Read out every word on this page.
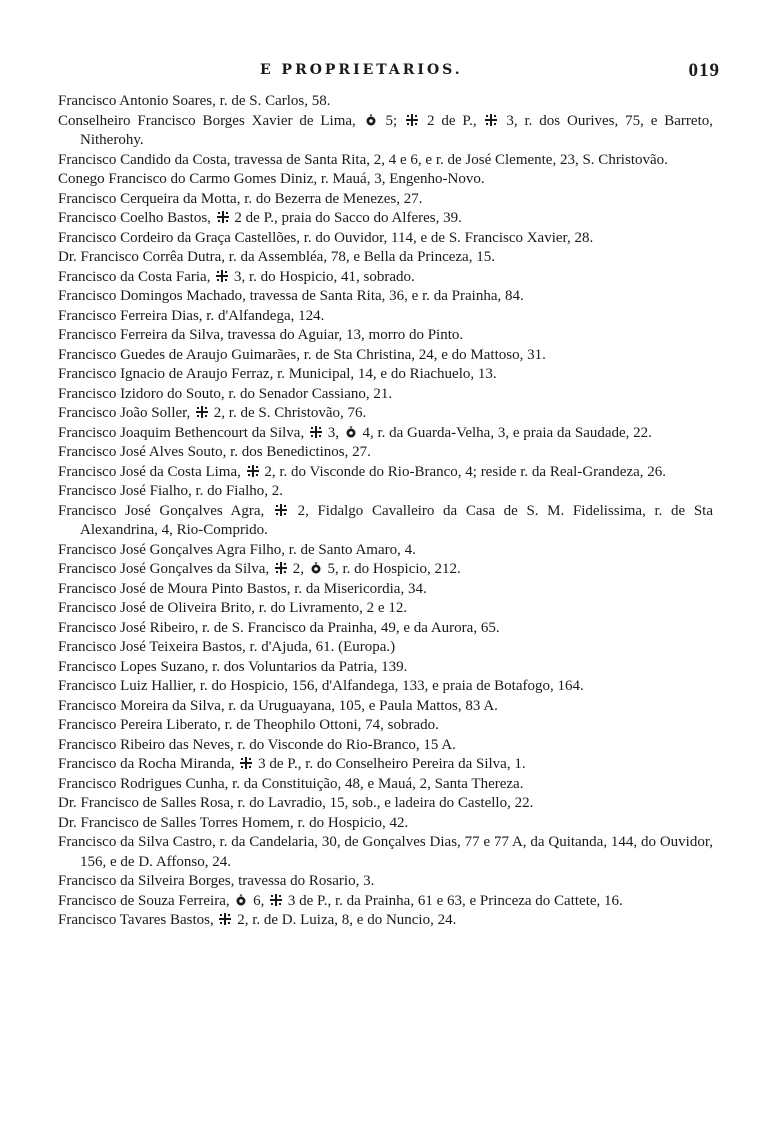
E PROPRIETARIOS.	019
Francisco Antonio Soares, r. de S. Carlos, 58.
Conselheiro Francisco Borges Xavier de Lima,
5;
2 de P.,
3, r. dos Ourives, 75, e Barreto, Nitherohy.
Francisco Candido da Costa, travessa de Santa Rita, 2, 4 e 6, e r. de José Clemente, 23, S. Christovão.
Conego Francisco do Carmo Gomes Diniz, r. Mauá, 3, Engenho-Novo.
Francisco Cerqueira da Motta, r. do Bezerra de Menezes, 27.
Francisco Coelho Bastos,
2 de P., praia do Sacco do Alferes, 39.
Francisco Cordeiro da Graça Castellões, r. do Ouvidor, 114, e de S. Francisco Xavier, 28.
Dr. Francisco Corrêa Dutra, r. da Assembléa, 78, e Bella da Princeza, 15.
Francisco da Costa Faria,
3, r. do Hospicio, 41, sobrado.
Francisco Domingos Machado, travessa de Santa Rita, 36, e r. da Prainha, 84.
Francisco Ferreira Dias, r. d'Alfandega, 124.
Francisco Ferreira da Silva, travessa do Aguiar, 13, morro do Pinto.
Francisco Guedes de Araujo Guimarães, r. de Sta Christina, 24, e do Mattoso, 31.
Francisco Ignacio de Araujo Ferraz, r. Municipal, 14, e do Riachuelo, 13.
Francisco Izidoro do Souto, r. do Senador Cassiano, 21.
Francisco João Soller,
2, r. de S. Christovão, 76.
Francisco Joaquim Bethencourt da Silva,
3,
4, r. da Guarda-Velha, 3, e praia da Saudade, 22.
Francisco José Alves Souto, r. dos Benedictinos, 27.
Francisco José da Costa Lima,
2, r. do Visconde do Rio-Branco, 4; reside r. da Real-Grandeza, 26.
Francisco José Fialho, r. do Fialho, 2.
Francisco José Gonçalves Agra,
2, Fidalgo Cavalleiro da Casa de S. M. Fidelissima, r. de Sta Alexandrina, 4, Rio-Comprido.
Francisco José Gonçalves Agra Filho, r. de Santo Amaro, 4.
Francisco José Gonçalves da Silva,
2,
5, r. do Hospicio, 212.
Francisco José de Moura Pinto Bastos, r. da Misericordia, 34.
Francisco José de Oliveira Brito, r. do Livramento, 2 e 12.
Francisco José Ribeiro, r. de S. Francisco da Prainha, 49, e da Aurora, 65.
Francisco José Teixeira Bastos, r. d'Ajuda, 61. (Europa.)
Francisco Lopes Suzano, r. dos Voluntarios da Patria, 139.
Francisco Luiz Hallier, r. do Hospicio, 156, d'Alfandega, 133, e praia de Botafogo, 164.
Francisco Moreira da Silva, r. da Uruguayana, 105, e Paula Mattos, 83 A.
Francisco Pereira Liberato, r. de Theophilo Ottoni, 74, sobrado.
Francisco Ribeiro das Neves, r. do Visconde do Rio-Branco, 15 A.
Francisco da Rocha Miranda,
3 de P., r. do Conselheiro Pereira da Silva, 1.
Francisco Rodrigues Cunha, r. da Constituição, 48, e Mauá, 2, Santa Thereza.
Dr. Francisco de Salles Rosa, r. do Lavradio, 15, sob., e ladeira do Castello, 22.
Dr. Francisco de Salles Torres Homem, r. do Hospicio, 42.
Francisco da Silva Castro, r. da Candelaria, 30, de Gonçalves Dias, 77 e 77 A, da Quitanda, 144, do Ouvidor, 156, e de D. Affonso, 24.
Francisco da Silveira Borges, travessa do Rosario, 3.
Francisco de Souza Ferreira,
6,
3 de P., r. da Prainha, 61 e 63, e Princeza do Cattete, 16.
Francisco Tavares Bastos,
2, r. de D. Luiza, 8, e do Nuncio, 24.
